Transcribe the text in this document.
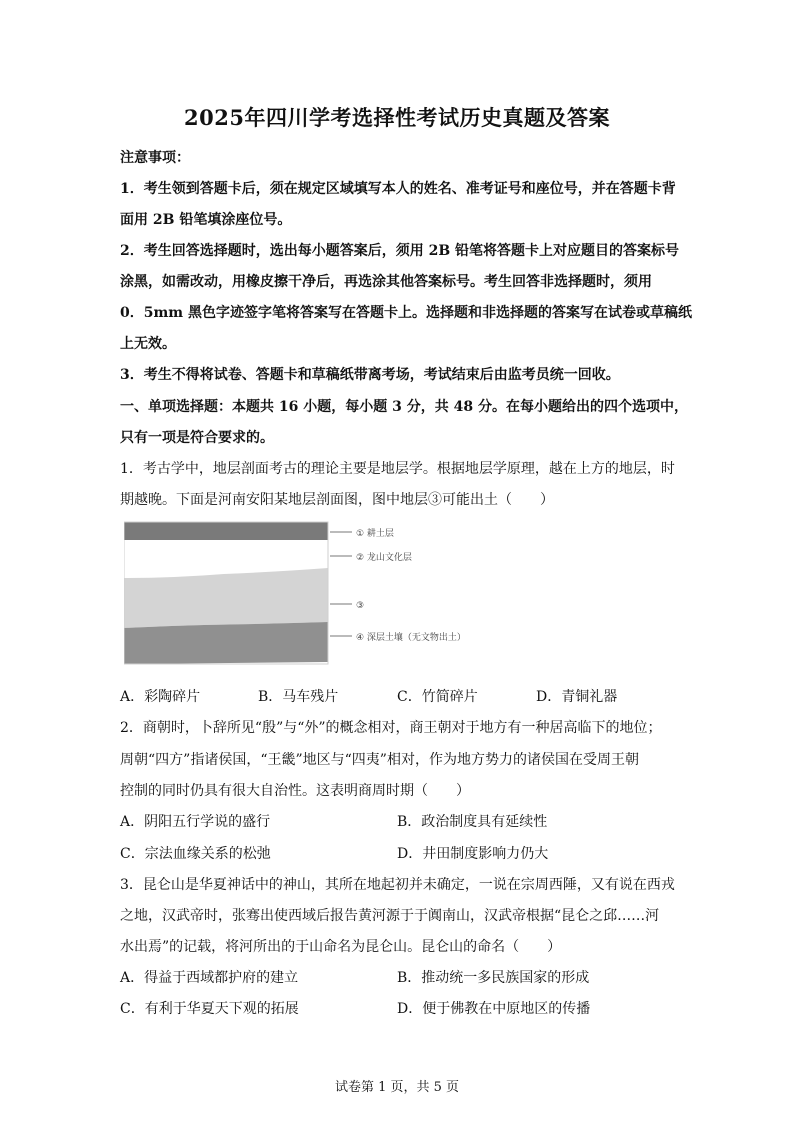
2025年四川学考选择性考试历史真题及答案
注意事项：
1．考生领到答题卡后，须在规定区域填写本人的姓名、准考证号和座位号，并在答题卡背
面用 2B 铅笔填涂座位号。
2．考生回答选择题时，选出每小题答案后，须用 2B 铅笔将答题卡上对应题目的答案标号
涂黑，如需改动，用橡皮擦干净后，再选涂其他答案标号。考生回答非选择题时，须用
0．5mm 黑色字迹签字笔将答案写在答题卡上。选择题和非选择题的答案写在试卷或草稿纸
上无效。
3．考生不得将试卷、答题卡和草稿纸带离考场，考试结束后由监考员统一回收。
一、单项选择题：本题共 16 小题，每小题 3 分，共 48 分。在每小题给出的四个选项中，
只有一项是符合要求的。
1．考古学中，地层剖面考古的理论主要是地层学。根据地层学原理，越在上方的地层，时
期越晚。下面是河南安阳某地层剖面图，图中地层③可能出土（　　）
① 耕土层
② 龙山文化层
③
④ 深层土壤（无文物出土）
A．彩陶碎片	B．马车残片	C．竹简碎片	D．青铜礼器
2．商朝时，卜辞所见“殷”与“外”的概念相对，商王朝对于地方有一种居高临下的地位；
周朝“四方”指诸侯国，“王畿”地区与“四夷”相对，作为地方势力的诸侯国在受周王朝
控制的同时仍具有很大自治性。这表明商周时期（　　）
A．阴阳五行学说的盛行	B．政治制度具有延续性
C．宗法血缘关系的松弛	D．井田制度影响力仍大
3．昆仑山是华夏神话中的神山，其所在地起初并未确定，一说在宗周西陲，又有说在西戎
之地，汉武帝时，张骞出使西域后报告黄河源于于阗南山，汉武帝根据“昆仑之邱……河
水出焉”的记载，将河所出的于山命名为昆仑山。昆仑山的命名（　　）
A．得益于西域都护府的建立	B．推动统一多民族国家的形成
C．有利于华夏天下观的拓展	D．便于佛教在中原地区的传播
试卷第 1 页，共 5 页
